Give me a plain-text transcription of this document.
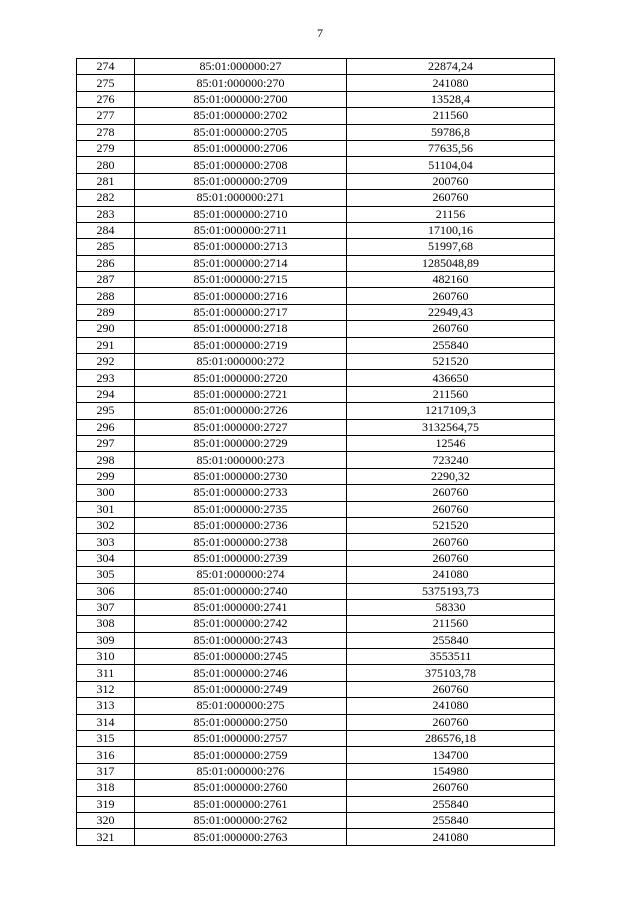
7
274	85:01:000000:27	22874,24
275	85:01:000000:270	241080
276	85:01:000000:2700	13528,4
277	85:01:000000:2702	211560
278	85:01:000000:2705	59786,8
279	85:01:000000:2706	77635,56
280	85:01:000000:2708	51104,04
281	85:01:000000:2709	200760
282	85:01:000000:271	260760
283	85:01:000000:2710	21156
284	85:01:000000:2711	17100,16
285	85:01:000000:2713	51997,68
286	85:01:000000:2714	1285048,89
287	85:01:000000:2715	482160
288	85:01:000000:2716	260760
289	85:01:000000:2717	22949,43
290	85:01:000000:2718	260760
291	85:01:000000:2719	255840
292	85:01:000000:272	521520
293	85:01:000000:2720	436650
294	85:01:000000:2721	211560
295	85:01:000000:2726	1217109,3
296	85:01:000000:2727	3132564,75
297	85:01:000000:2729	12546
298	85:01:000000:273	723240
299	85:01:000000:2730	2290,32
300	85:01:000000:2733	260760
301	85:01:000000:2735	260760
302	85:01:000000:2736	521520
303	85:01:000000:2738	260760
304	85:01:000000:2739	260760
305	85:01:000000:274	241080
306	85:01:000000:2740	5375193,73
307	85:01:000000:2741	58330
308	85:01:000000:2742	211560
309	85:01:000000:2743	255840
310	85:01:000000:2745	3553511
311	85:01:000000:2746	375103,78
312	85:01:000000:2749	260760
313	85:01:000000:275	241080
314	85:01:000000:2750	260760
315	85:01:000000:2757	286576,18
316	85:01:000000:2759	134700
317	85:01:000000:276	154980
318	85:01:000000:2760	260760
319	85:01:000000:2761	255840
320	85:01:000000:2762	255840
321	85:01:000000:2763	241080
